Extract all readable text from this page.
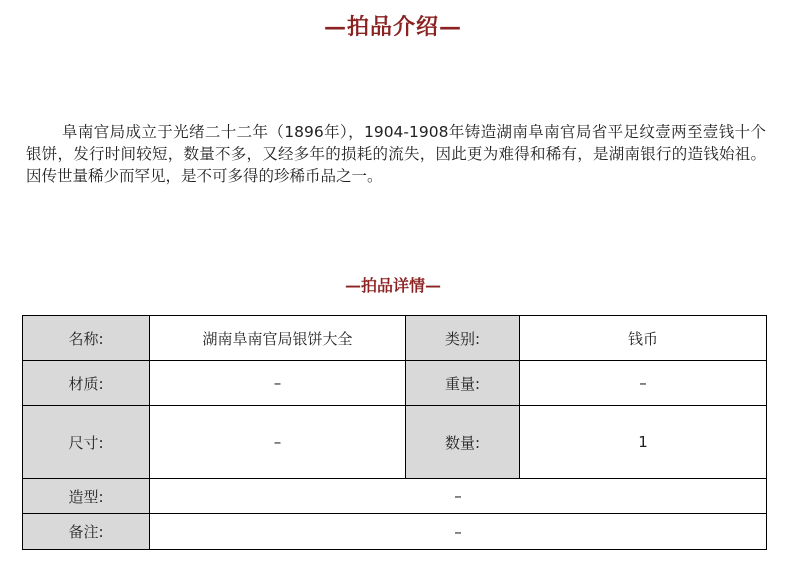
—拍品介绍—

阜南官局成立于光绪二十二年（1896年），1904-1908年铸造湖南阜南官局省平足纹壹两至壹钱十个银饼，发行时间较短，数量不多，又经多年的损耗的流失，因此更为难得和稀有，是湖南银行的造钱始祖。因传世量稀少而罕见，是不可多得的珍稀币品之一。

—拍品详情—
名称:	湖南阜南官局银饼大全	类别:	钱币
材质:	–	重量:	–
尺寸:	–	数量:	1
造型:	–		
备注:	–		
